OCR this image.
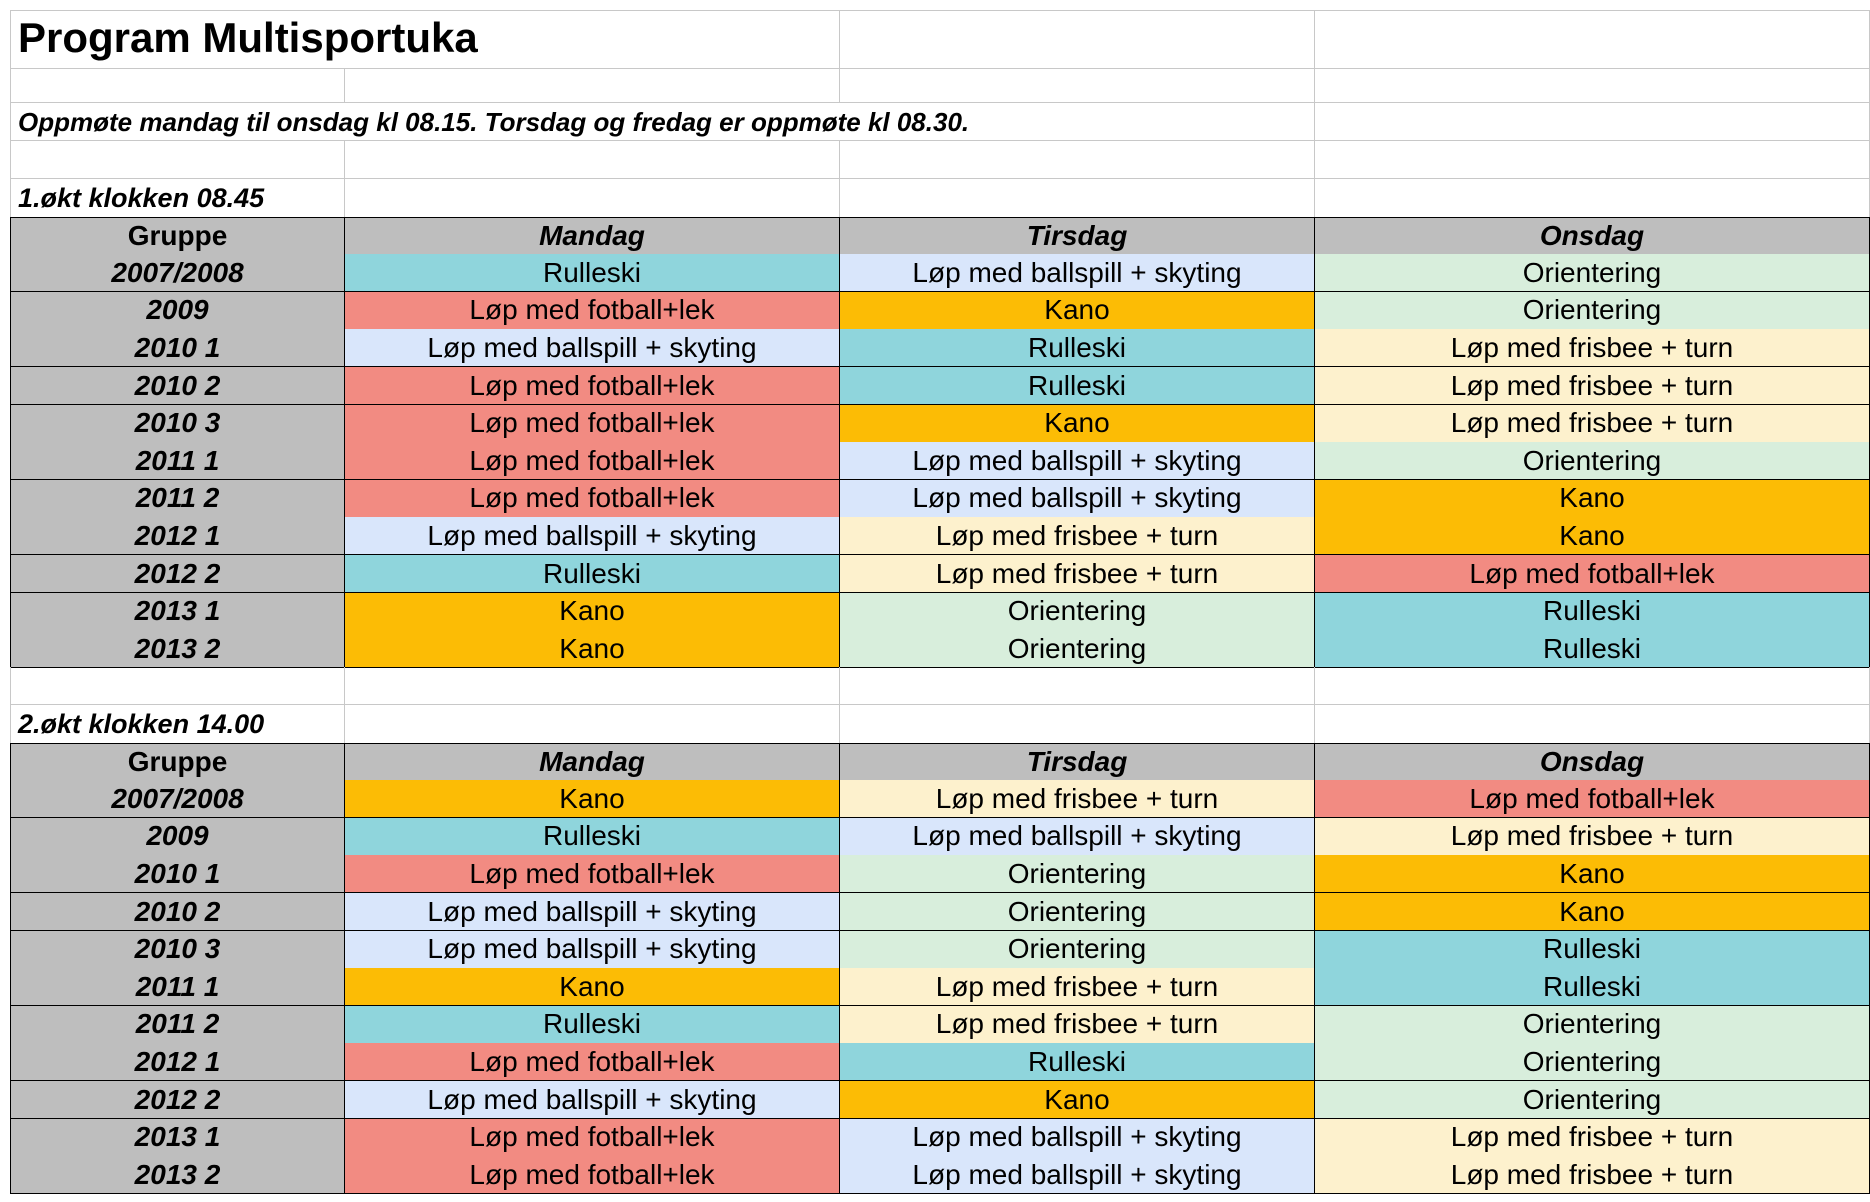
Program Multisportuka
Oppmøte mandag til onsdag kl 08.15. Torsdag og fredag er oppmøte kl 08.30.
1.økt klokken 08.45
Gruppe	Mandag	Tirsdag	Onsdag
2007/2008	Rulleski	Løp med ballspill + skyting	Orientering
2009	Løp med fotball+lek	Kano	Orientering
2010 1	Løp med ballspill + skyting	Rulleski	Løp med frisbee + turn
2010 2	Løp med fotball+lek	Rulleski	Løp med frisbee + turn
2010 3	Løp med fotball+lek	Kano	Løp med frisbee + turn
2011 1	Løp med fotball+lek	Løp med ballspill + skyting	Orientering
2011 2	Løp med fotball+lek	Løp med ballspill + skyting	Kano
2012 1	Løp med ballspill + skyting	Løp med frisbee + turn	Kano
2012 2	Rulleski	Løp med frisbee + turn	Løp med fotball+lek
2013 1	Kano	Orientering	Rulleski
2013 2	Kano	Orientering	Rulleski
2.økt klokken 14.00
Gruppe	Mandag	Tirsdag	Onsdag
2007/2008	Kano	Løp med frisbee + turn	Løp med fotball+lek
2009	Rulleski	Løp med ballspill + skyting	Løp med frisbee + turn
2010 1	Løp med fotball+lek	Orientering	Kano
2010 2	Løp med ballspill + skyting	Orientering	Kano
2010 3	Løp med ballspill + skyting	Orientering	Rulleski
2011 1	Kano	Løp med frisbee + turn	Rulleski
2011 2	Rulleski	Løp med frisbee + turn	Orientering
2012 1	Løp med fotball+lek	Rulleski	Orientering
2012 2	Løp med ballspill + skyting	Kano	Orientering
2013 1	Løp med fotball+lek	Løp med ballspill + skyting	Løp med frisbee + turn
2013 2	Løp med fotball+lek	Løp med ballspill + skyting	Løp med frisbee + turn
